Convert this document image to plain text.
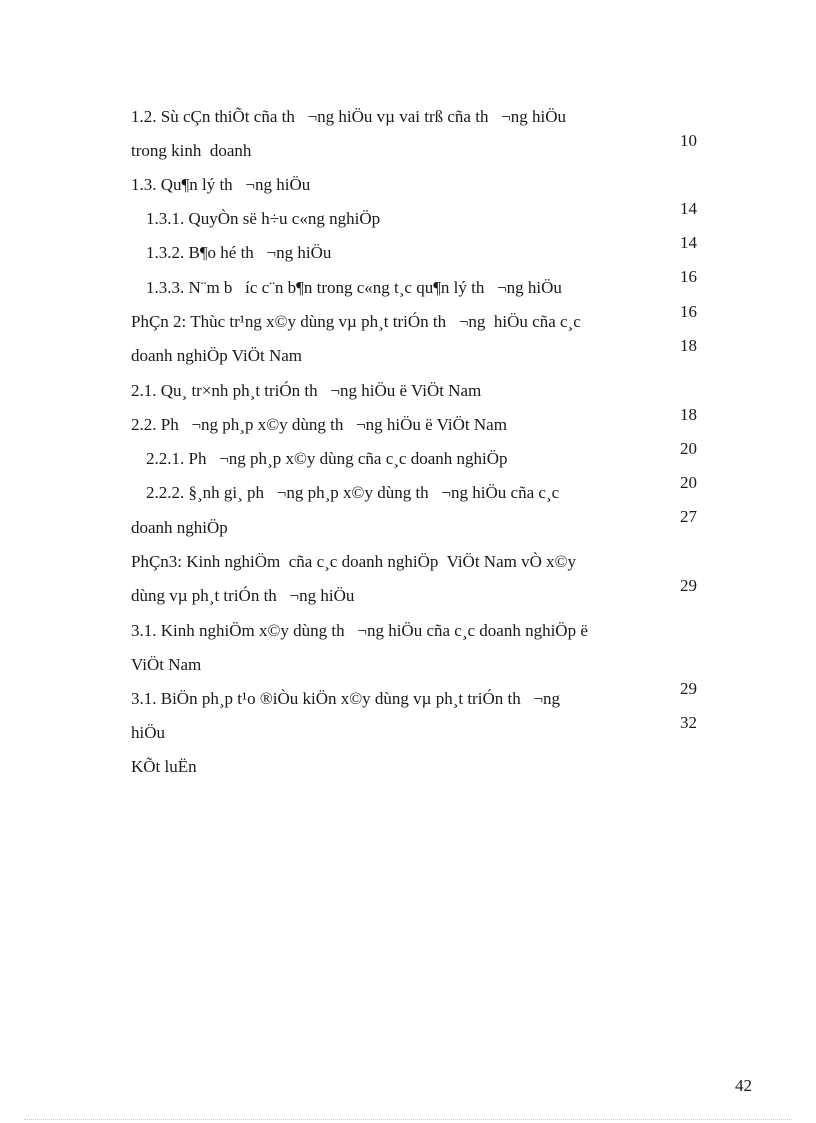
1.2. Sù cÇn thiÕt cña th   ¬ng hiÖu vµ vai trß cña th   ¬ng hiÖu

10

trong kinh  doanh

1.3. Qu¶n lý th   ¬ng hiÖu

14

1.3.1. QuyÒn së h÷u c«ng nghiÖp

14

1.3.2. B¶o hé th   ¬ng hiÖu

16

1.3.3. N¨m b   íc c¨n b¶n trong c«ng t¸c qu¶n lý th   ¬ng hiÖu

16

PhÇn 2: Thùc tr¹ng x©y dùng vµ ph¸t triÓn th   ¬ng  hiÖu cña c¸c

18

doanh nghiÖp ViÖt Nam

2.1. Qu¸ tr×nh ph¸t triÓn th   ¬ng hiÖu ë ViÖt Nam

18

2.2. Ph   ¬ng ph¸p x©y dùng th   ¬ng hiÖu ë ViÖt Nam

20

2.2.1. Ph   ¬ng ph¸p x©y dùng cña c¸c doanh nghiÖp

20

2.2.2. §¸nh gi¸ ph   ¬ng ph¸p x©y dùng th   ¬ng hiÖu cña c¸c

27

doanh nghiÖp

PhÇn3: Kinh nghiÖm  cña c¸c doanh nghiÖp  ViÖt Nam vÒ x©y

29

dùng vµ ph¸t triÓn th   ¬ng hiÖu

3.1. Kinh nghiÖm x©y dùng th   ¬ng hiÖu cña c¸c doanh nghiÖp ë

ViÖt Nam

29

3.1. BiÖn ph¸p t¹o ®iÒu kiÖn x©y dùng vµ ph¸t triÓn th   ¬ng

32

hiÖu

KÕt luËn

42
